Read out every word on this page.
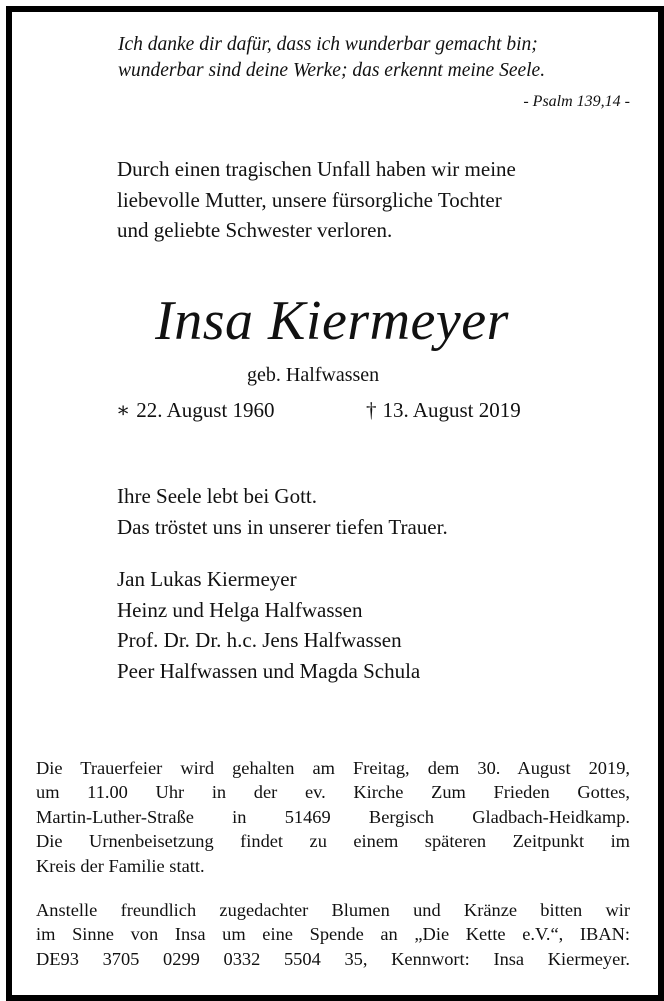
Ich danke dir dafür, dass ich wunderbar gemacht bin;
wunderbar sind deine Werke; das erkennt meine Seele.
- Psalm 139,14 -
Durch einen tragischen Unfall haben wir meine
liebevolle Mutter, unsere fürsorgliche Tochter
und geliebte Schwester verloren.
Insa Kiermeyer
geb. Halfwassen
∗ 22. August 1960	† 13. August 2019
Ihre Seele lebt bei Gott.
Das tröstet uns in unserer tiefen Trauer.
Jan Lukas Kiermeyer
Heinz und Helga Halfwassen
Prof. Dr. Dr. h.c. Jens Halfwassen
Peer Halfwassen und Magda Schula
Die Trauerfeier wird gehalten am Freitag, dem 30. August 2019,
um 11.00 Uhr in der ev. Kirche Zum Frieden Gottes,
Martin-Luther-Straße in 51469 Bergisch Gladbach-Heidkamp.
Die Urnenbeisetzung findet zu einem späteren Zeitpunkt im
Kreis der Familie statt.
Anstelle freundlich zugedachter Blumen und Kränze bitten wir
im Sinne von Insa um eine Spende an „Die Kette e.V.“, IBAN:
DE93 3705 0299 0332 5504 35, Kennwort: Insa Kiermeyer.
